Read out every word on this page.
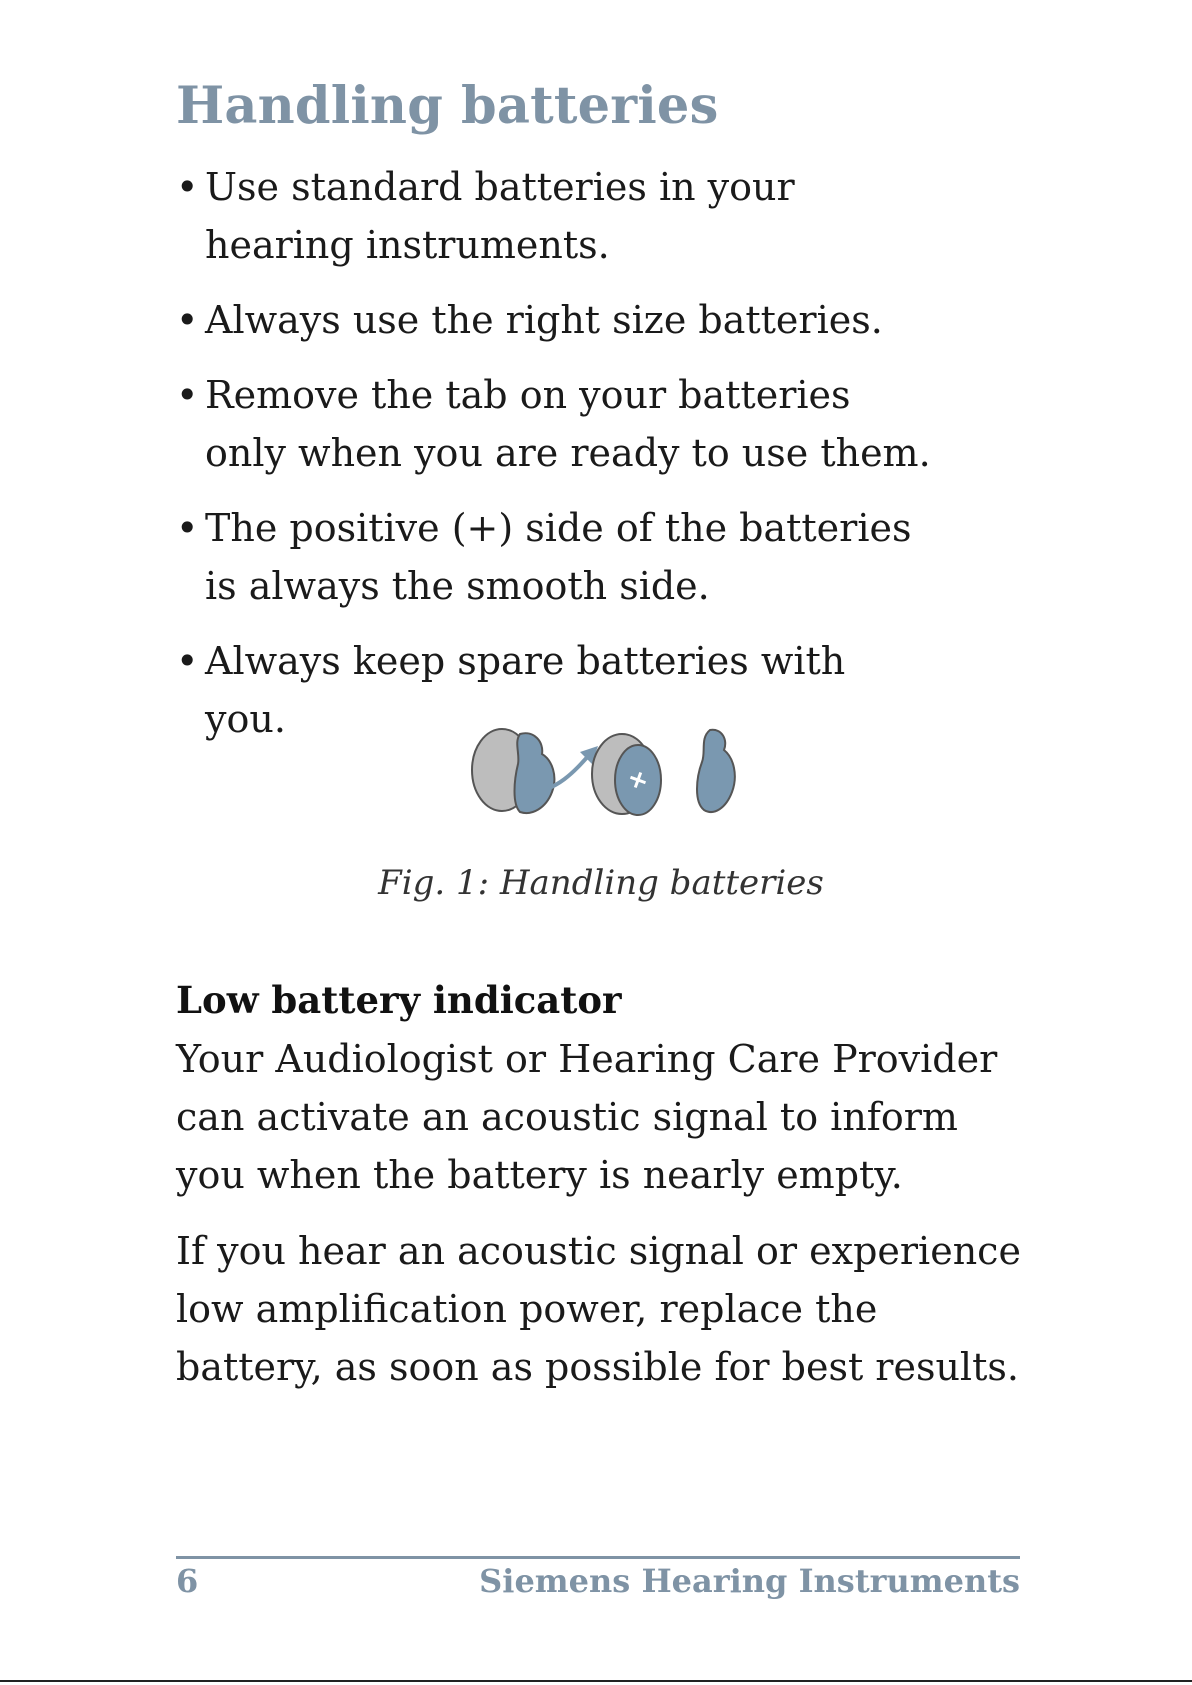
Handling batteries
• Use standard batteries in your hearing instruments.
• Always use the right size batteries.
• Remove the tab on your batteries only when you are ready to use them.
• The positive (+) side of the batteries is always the smooth side.
• Always keep spare batteries with you.
Fig. 1: Handling batteries
Low battery indicator

Your Audiologist or Hearing Care Provider can activate an acoustic signal to inform you when the battery is nearly empty.

If you hear an acoustic signal or experience low amplification power, replace the battery, as soon as possible for best results.

6	Siemens Hearing Instruments
